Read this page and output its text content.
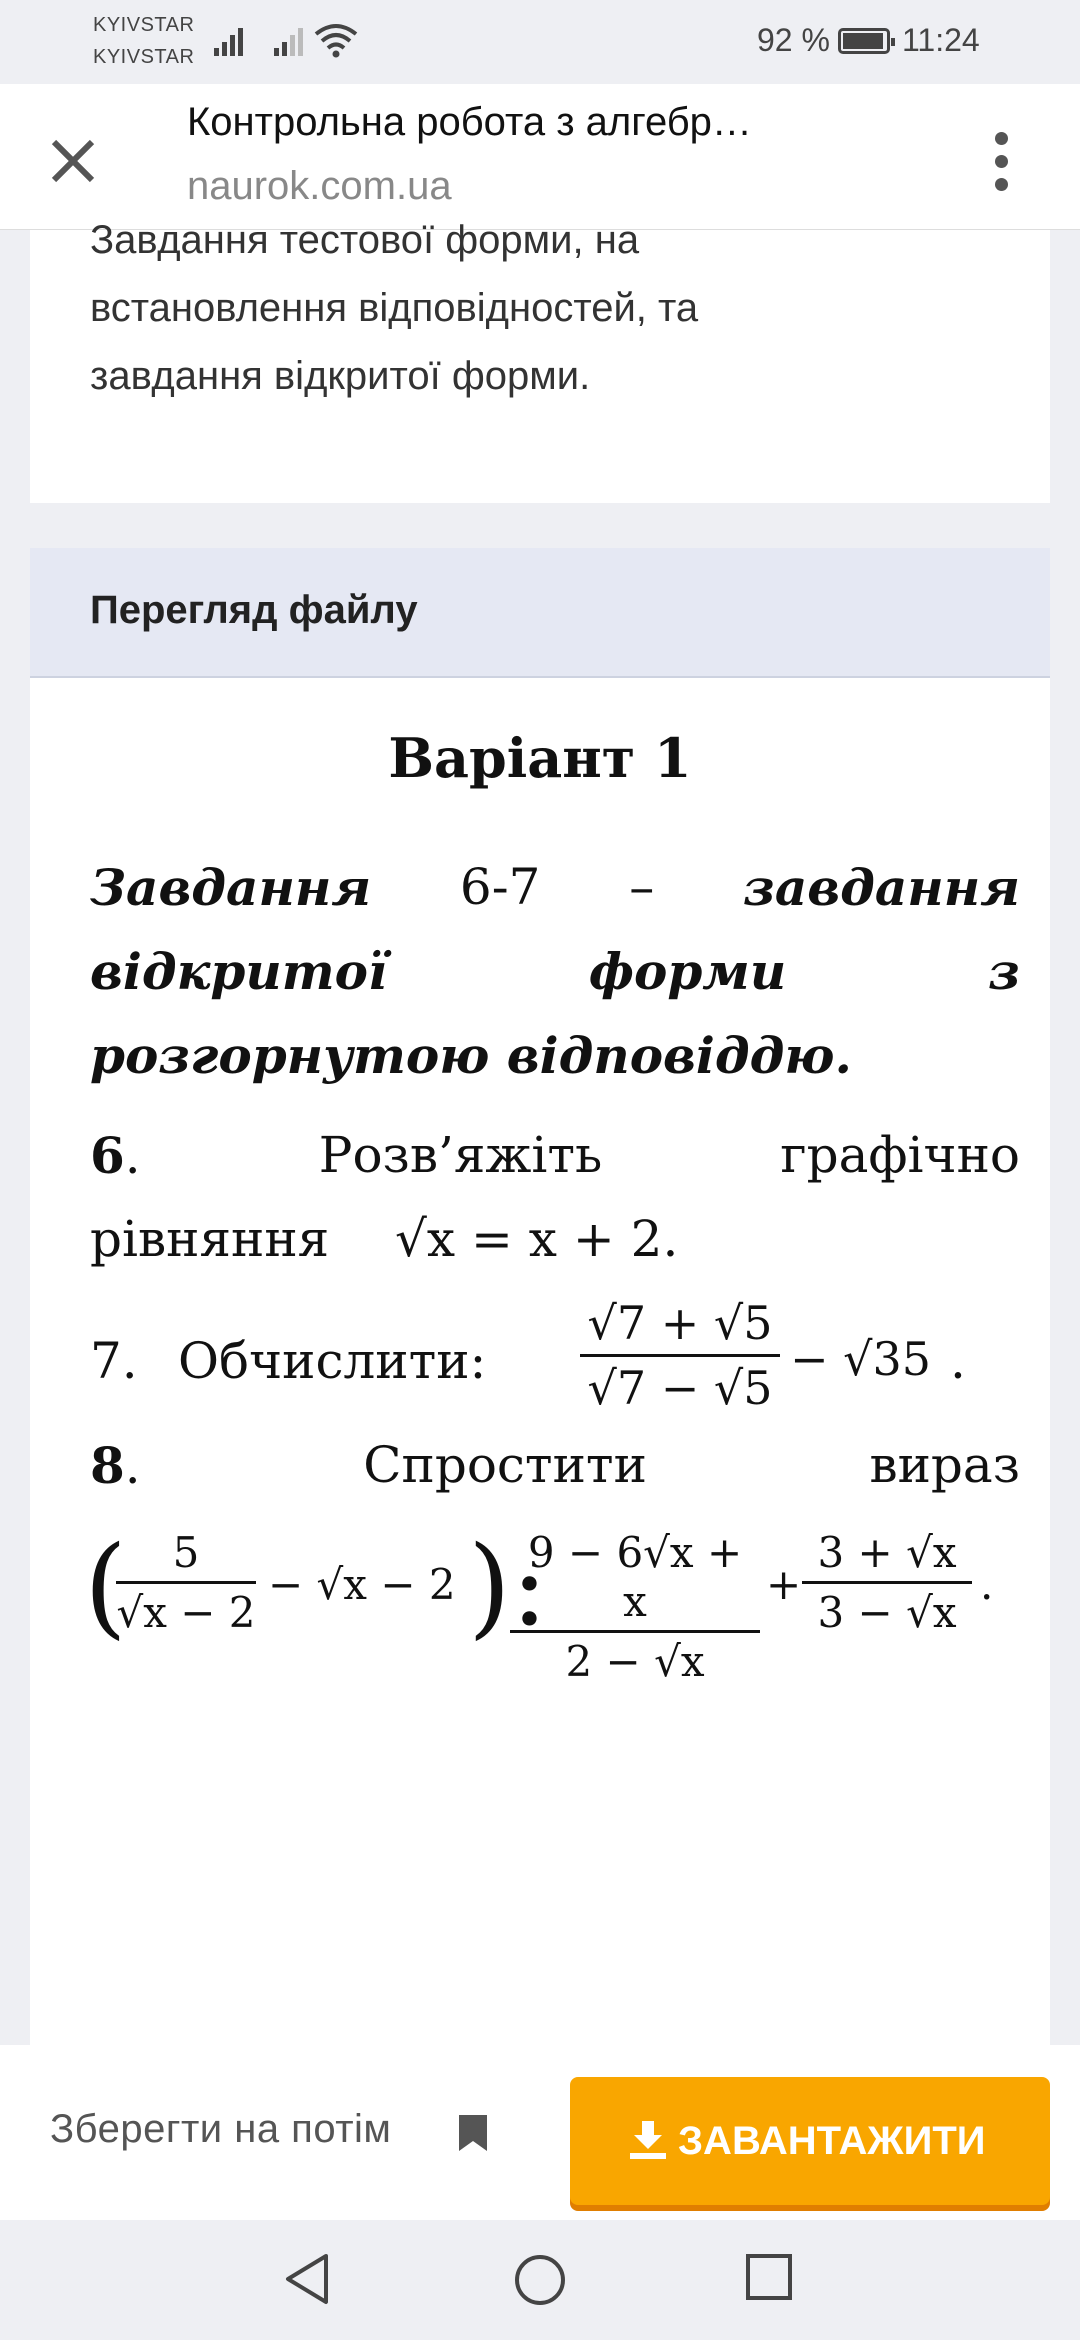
KYIVSTAR
KYIVSTAR	92 % 11:24
Контрольна робота з алгебр…
naurok.com.ua
Завдання тестової форми, на
встановлення відповідностей, та
завдання відкритої форми.
Перегляд файлу
Варіант 1
Завдання 6-7 – завдання
відкритої	форми	з
розгорнутою відповіддю.
6.	Розв’яжіть	графічно
рівняння √x = x + 2.
7. Обчислити: $\frac{√7 + √5}{√7 - √5} - √35$ .
8.	Спростити	вираз
(
$\frac{5}{√x - 2} - √x - 2$ ):
$\frac{9 - 6√x + x}{2 - √x} + \frac{3 + √x}{3 - √x}$ .
Зберегти на потім	ЗАВАНТАЖИТИ
